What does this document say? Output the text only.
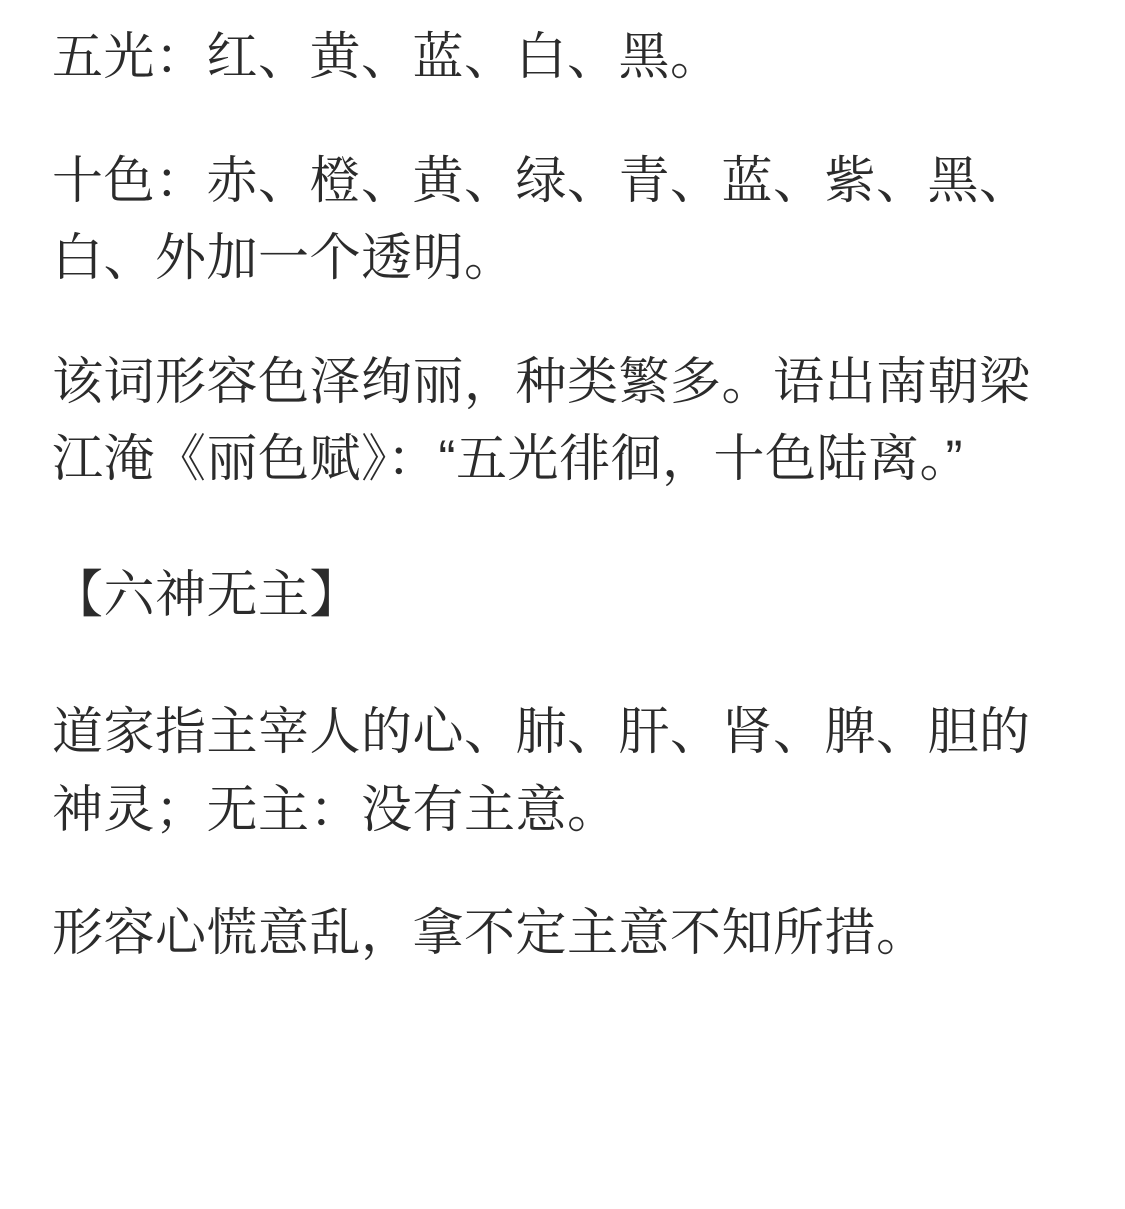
五光：红、黄、蓝、白、黑。

十色：赤、橙、黄、绿、青、蓝、紫、黑、白、外加一个透明。

该词形容色泽绚丽，种类繁多。语出南朝梁江淹《丽色赋》：“五光徘徊，十色陆离。”

【六神无主】

道家指主宰人的心、肺、肝、肾、脾、胆的神灵；无主：没有主意。

形容心慌意乱，拿不定主意不知所措。
